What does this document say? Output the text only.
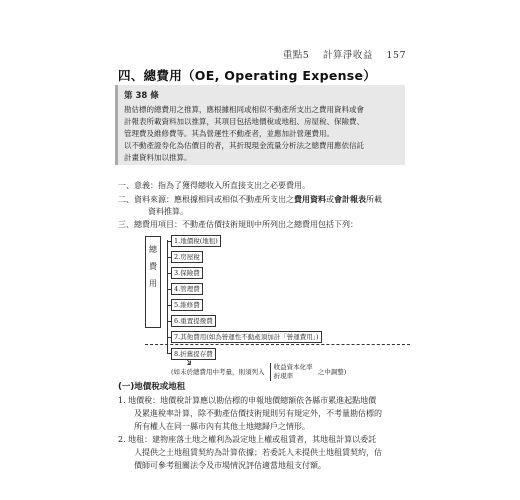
重點5 計算淨收益 157
四、總費用（OE, Operating Expense）
第 38 條
勘估標的總費用之推算，應根據相同或相似不動產所支出之費用資料或會
計報表所載資料加以推算，其項目包括地價稅或地租、房屋稅、保險費、
管理費及維修費等。其為營運性不動產者，並應加計營運費用。
以不動產證券化為估價目的者，其折現現金流量分析法之總費用應依信託
計畫資料加以推算。
一、意義：指為了獲得總收入所直接支出之必要費用。
二、資料來源：應根據相同或相似不動產所支出之費用資料或會計報表所載
資料推算。
三、總費用項目：不動產估價技術規則中所列出之總費用包括下列：
總
費
用
1.地價稅(地租)
2.房屋稅
3.保險費
4.管理費
5.維修費
6.重置提撥費
7.其他費用(如為營運性不動產須加計「營運費用」)
8.折舊提存費
(如未於總費用中考量，則須列入
收益資本化率
折現率	之中調整)
(一)地價稅或地租
1. 地價稅：地價稅計算應以勘估標的申報地價總額依各縣市累進起點地價
及累進稅率計算，除不動產估價技術規則另有規定外，不考量勘估標的
所有權人在同一縣市內有其他土地總歸戶之情形。
2. 地租：建物座落土地之權利為設定地上權或租賃者，其地租計算以委託
人提供之土地租賃契約為計算依據；若委託人未提供土地租賃契約，估
價師可參考租關法令及市場情況評估適當地租支付額。
